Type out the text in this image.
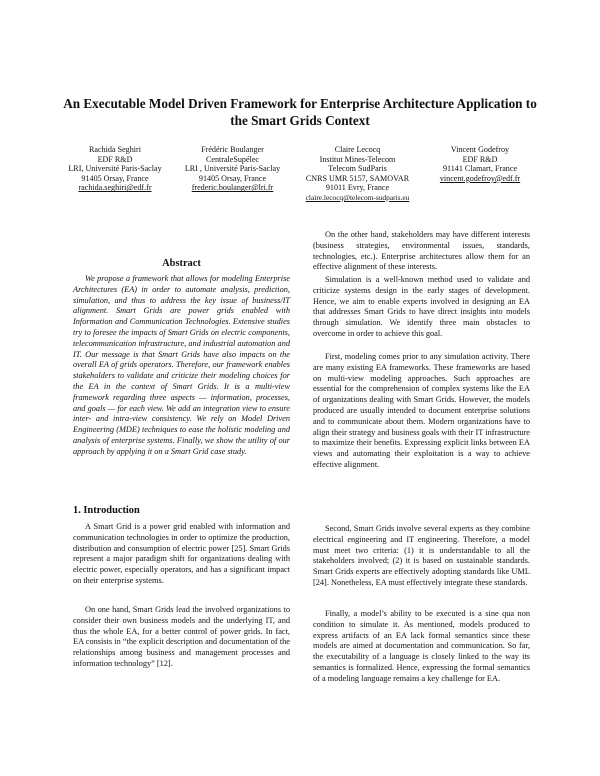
An Executable Model Driven Framework for Enterprise Architecture Application to the Smart Grids Context
Rachida Seghiri
EDF R&D
LRI, Université Paris-Saclay
91405 Orsay, France
rachida.seghiri@edf.fr
Frédéric Boulanger
CentraleSupélec
LRI , Université Paris-Saclay
91405 Orsay, France
frederic.boulanger@lri.fr
Claire Lecocq
Institut Mines-Telecom
Telecom SudParis
CNRS UMR 5157, SAMOVAR
91011 Evry, France
claire.lecocq@telecom-sudparis.eu
Vincent Godefroy
EDF R&D
91141 Clamart, France
vincent.godefroy@edf.fr
Abstract

We propose a framework that allows for modeling Enterprise Architectures (EA) in order to automate analysis, prediction, simulation, and thus to address the key issue of business/IT alignment. Smart Grids are power grids enabled with Information and Communication Technologies. Extensive studies try to foresee the impacts of Smart Grids on electric components, telecommunication infrastructure, and industrial automation and IT. Our message is that Smart Grids have also impacts on the overall EA of grids operators. Therefore, our framework enables stakeholders to validate and criticize their modeling choices for the EA in the context of Smart Grids. It is a multi-view framework regarding three aspects — information, processes, and goals — for each view. We add an integration view to ensure inter- and intra-view consistency. We rely on Model Driven Engineering (MDE) techniques to ease the holistic modeling and analysis of enterprise systems. Finally, we show the utility of our approach by applying it on a Smart Grid case study.

1. Introduction

A Smart Grid is a power grid enabled with information and communication technologies in order to optimize the production, distribution and consumption of electric power [25]. Smart Grids represent a major paradigm shift for organizations dealing with electric power, especially operators, and has a significant impact on their enterprise systems.

On one hand, Smart Grids lead the involved organizations to consider their own business models and the underlying IT, and thus the whole EA, for a better control of power grids. In fact, EA consists in “the explicit description and documentation of the relationships among business and management processes and information technology” [12].

On the other hand, stakeholders may have different interests (business strategies, environmental issues, standards, technologies, etc.). Enterprise architectures allow them for an effective alignment of these interests.

Simulation is a well-known method used to validate and criticize systems design in the early stages of development. Hence, we aim to enable experts involved in designing an EA that addresses Smart Grids to have direct insights into models through simulation. We identify three main obstacles to overcome in order to achieve this goal.

First, modeling comes prior to any simulation activity. There are many existing EA frameworks. These frameworks are based on multi-view modeling approaches. Such approaches are essential for the comprehension of complex systems like the EA of organizations dealing with Smart Grids. However, the models produced are usually intended to document enterprise solutions and to communicate about them. Modern organizations have to align their strategy and business goals with their IT infrastructure to maximize their benefits. Expressing explicit links between EA views and automating their exploitation is a way to achieve effective alignment.

Second, Smart Grids involve several experts as they combine electrical engineering and IT engineering. Therefore, a model must meet two criteria: (1) it is understandable to all the stakeholders involved; (2) it is based on sustainable standards. Smart Grids experts are effectively adopting standards like UML [24]. Nonetheless, EA must effectively integrate these standards.

Finally, a model’s ability to be executed is a sine qua non condition to simulate it. As mentioned, models produced to express artifacts of an EA lack formal semantics since these models are aimed at documentation and communication. So far, the executability of a language is closely linked to the way its semantics is formalized. Hence, expressing the formal semantics of a modeling language remains a key challenge for EA.
